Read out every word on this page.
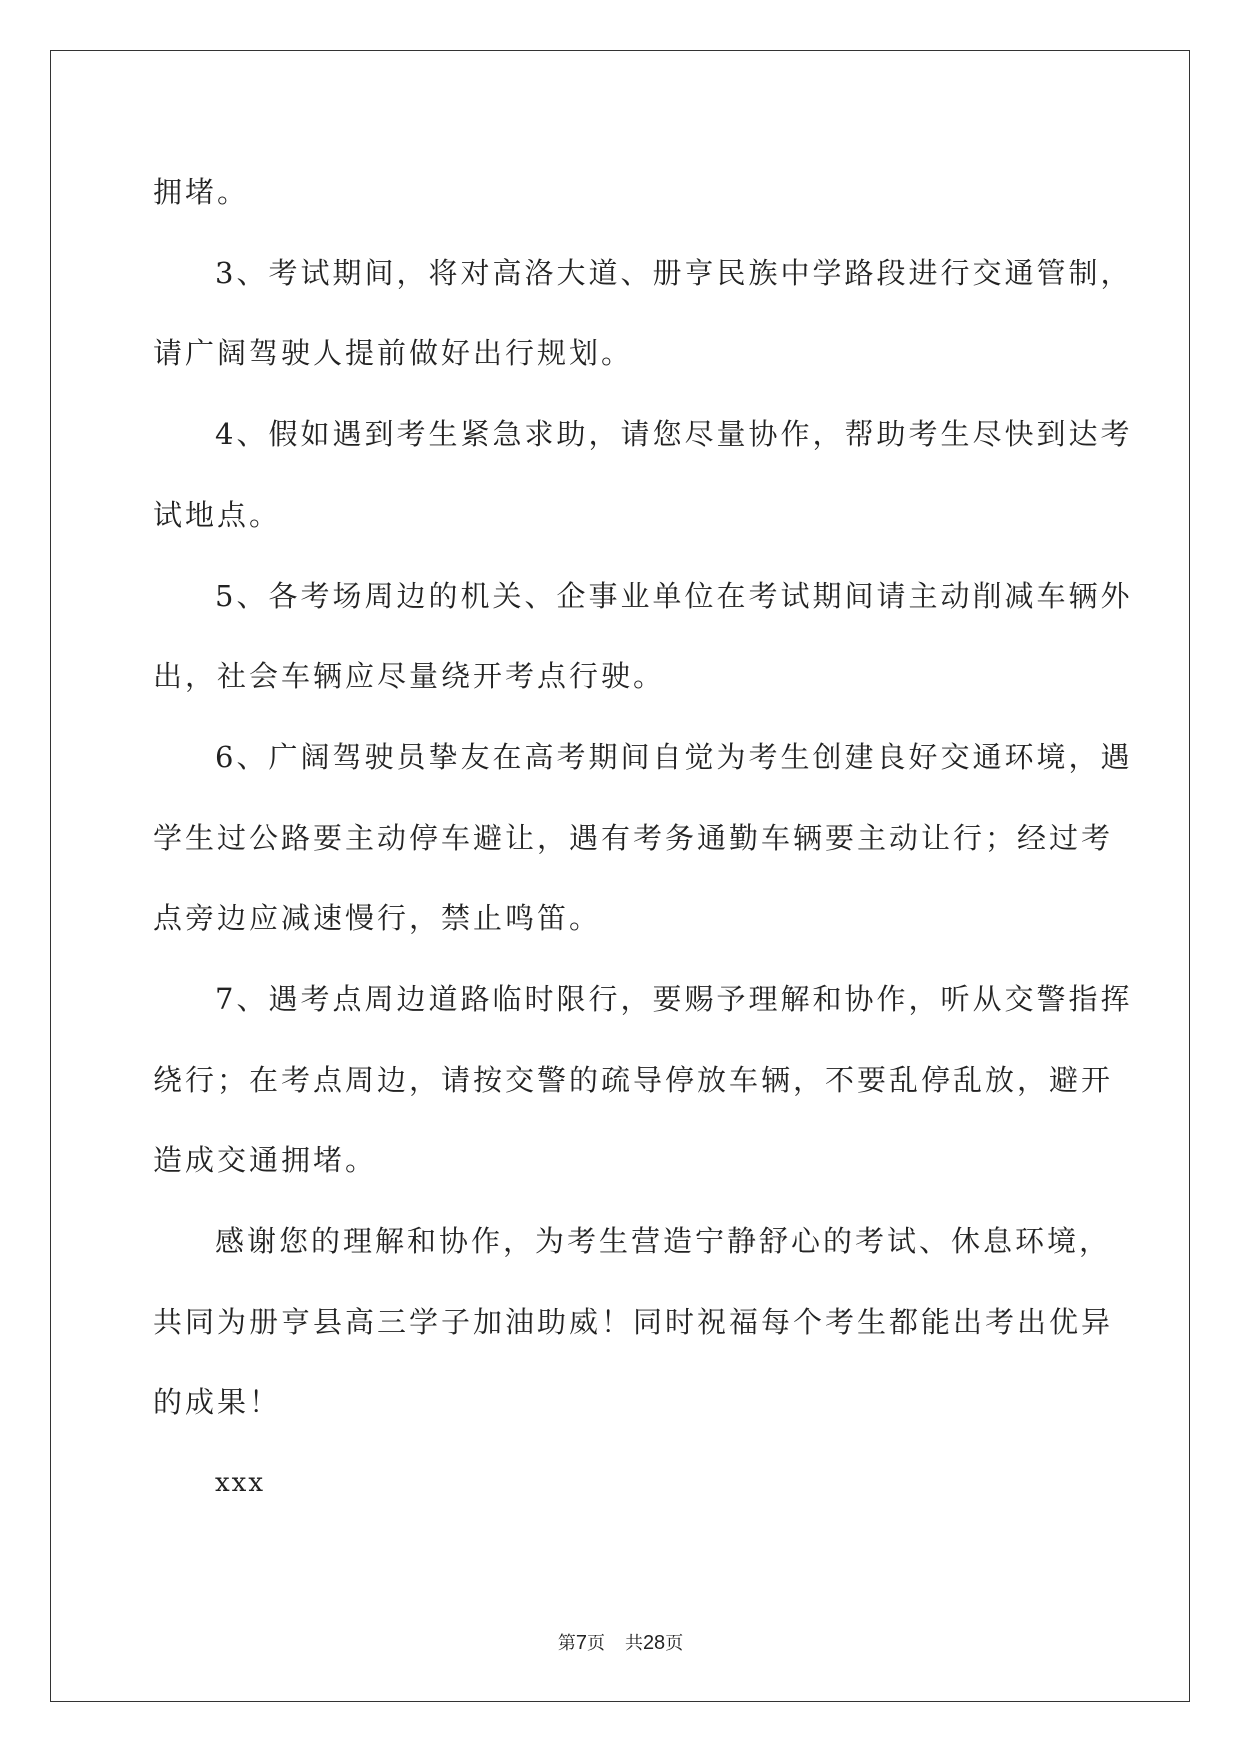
拥堵。
3、考试期间，将对高洛大道、册亨民族中学路段进行交通管制，
请广阔驾驶人提前做好出行规划。
4、假如遇到考生紧急求助，请您尽量协作，帮助考生尽快到达考
试地点。
5、各考场周边的机关、企事业单位在考试期间请主动削减车辆外
出，社会车辆应尽量绕开考点行驶。
6、广阔驾驶员挚友在高考期间自觉为考生创建良好交通环境，遇
学生过公路要主动停车避让，遇有考务通勤车辆要主动让行；经过考
点旁边应减速慢行，禁止鸣笛。
7、遇考点周边道路临时限行，要赐予理解和协作，听从交警指挥
绕行；在考点周边，请按交警的疏导停放车辆，不要乱停乱放，避开
造成交通拥堵。
感谢您的理解和协作，为考生营造宁静舒心的考试、休息环境，
共同为册亨县高三学子加油助威！同时祝福每个考生都能出考出优异
的成果！
xxx
第7页 共28页
